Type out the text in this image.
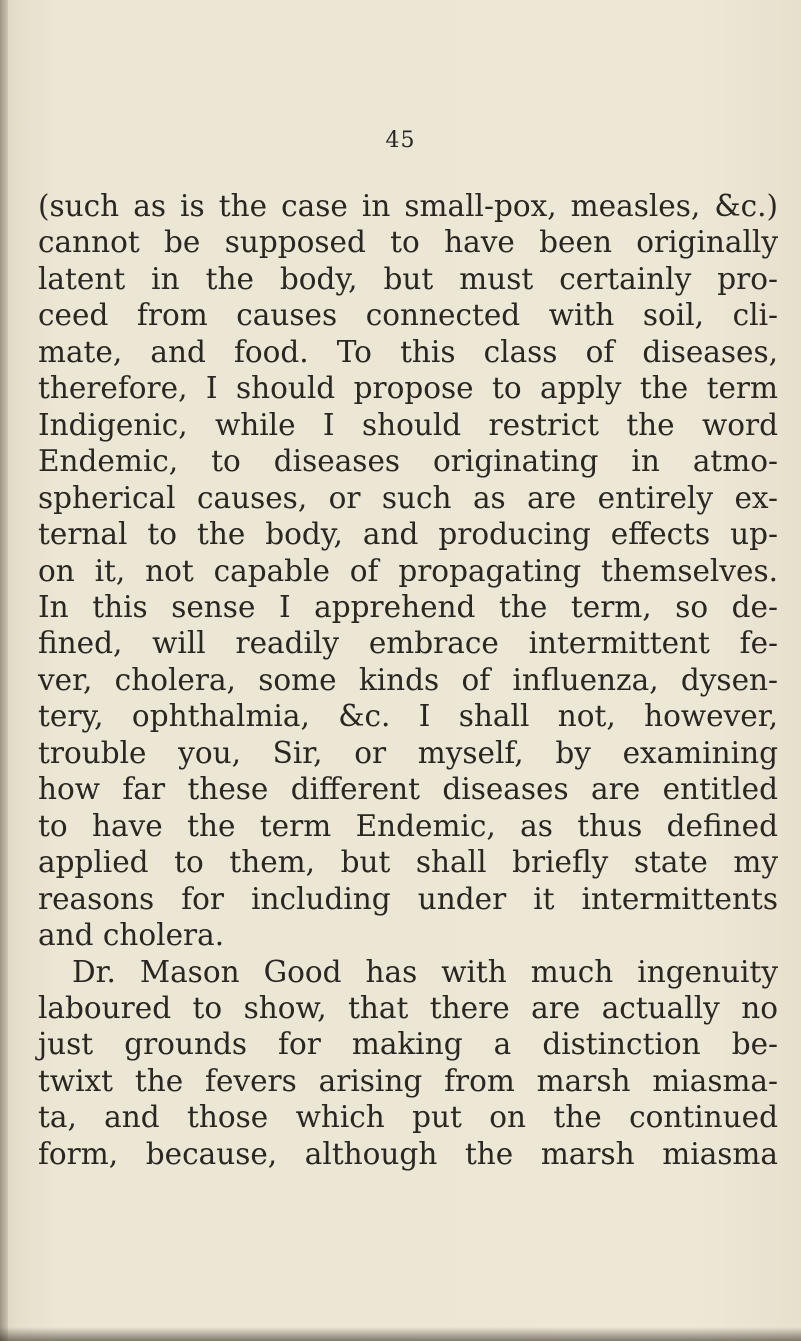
45
(such as is the case in small-pox, measles, &c.)
cannot be supposed to have been originally
latent in the body, but must certainly pro-
ceed from causes connected with soil, cli-
mate, and food. To this class of diseases,
therefore, I should propose to apply the term
Indigenic, while I should restrict the word
Endemic, to diseases originating in atmo-
spherical causes, or such as are entirely ex-
ternal to the body, and producing effects up-
on it, not capable of propagating themselves.
In this sense I apprehend the term, so de-
fined, will readily embrace intermittent fe-
ver, cholera, some kinds of influenza, dysen-
tery, ophthalmia, &c. I shall not, however,
trouble you, Sir, or myself, by examining
how far these different diseases are entitled
to have the term Endemic, as thus defined
applied to them, but shall briefly state my
reasons for including under it intermittents
and cholera.
Dr. Mason Good has with much ingenuity
laboured to show, that there are actually no
just grounds for making a distinction be-
twixt the fevers arising from marsh miasma-
ta, and those which put on the continued
form, because, although the marsh miasma
